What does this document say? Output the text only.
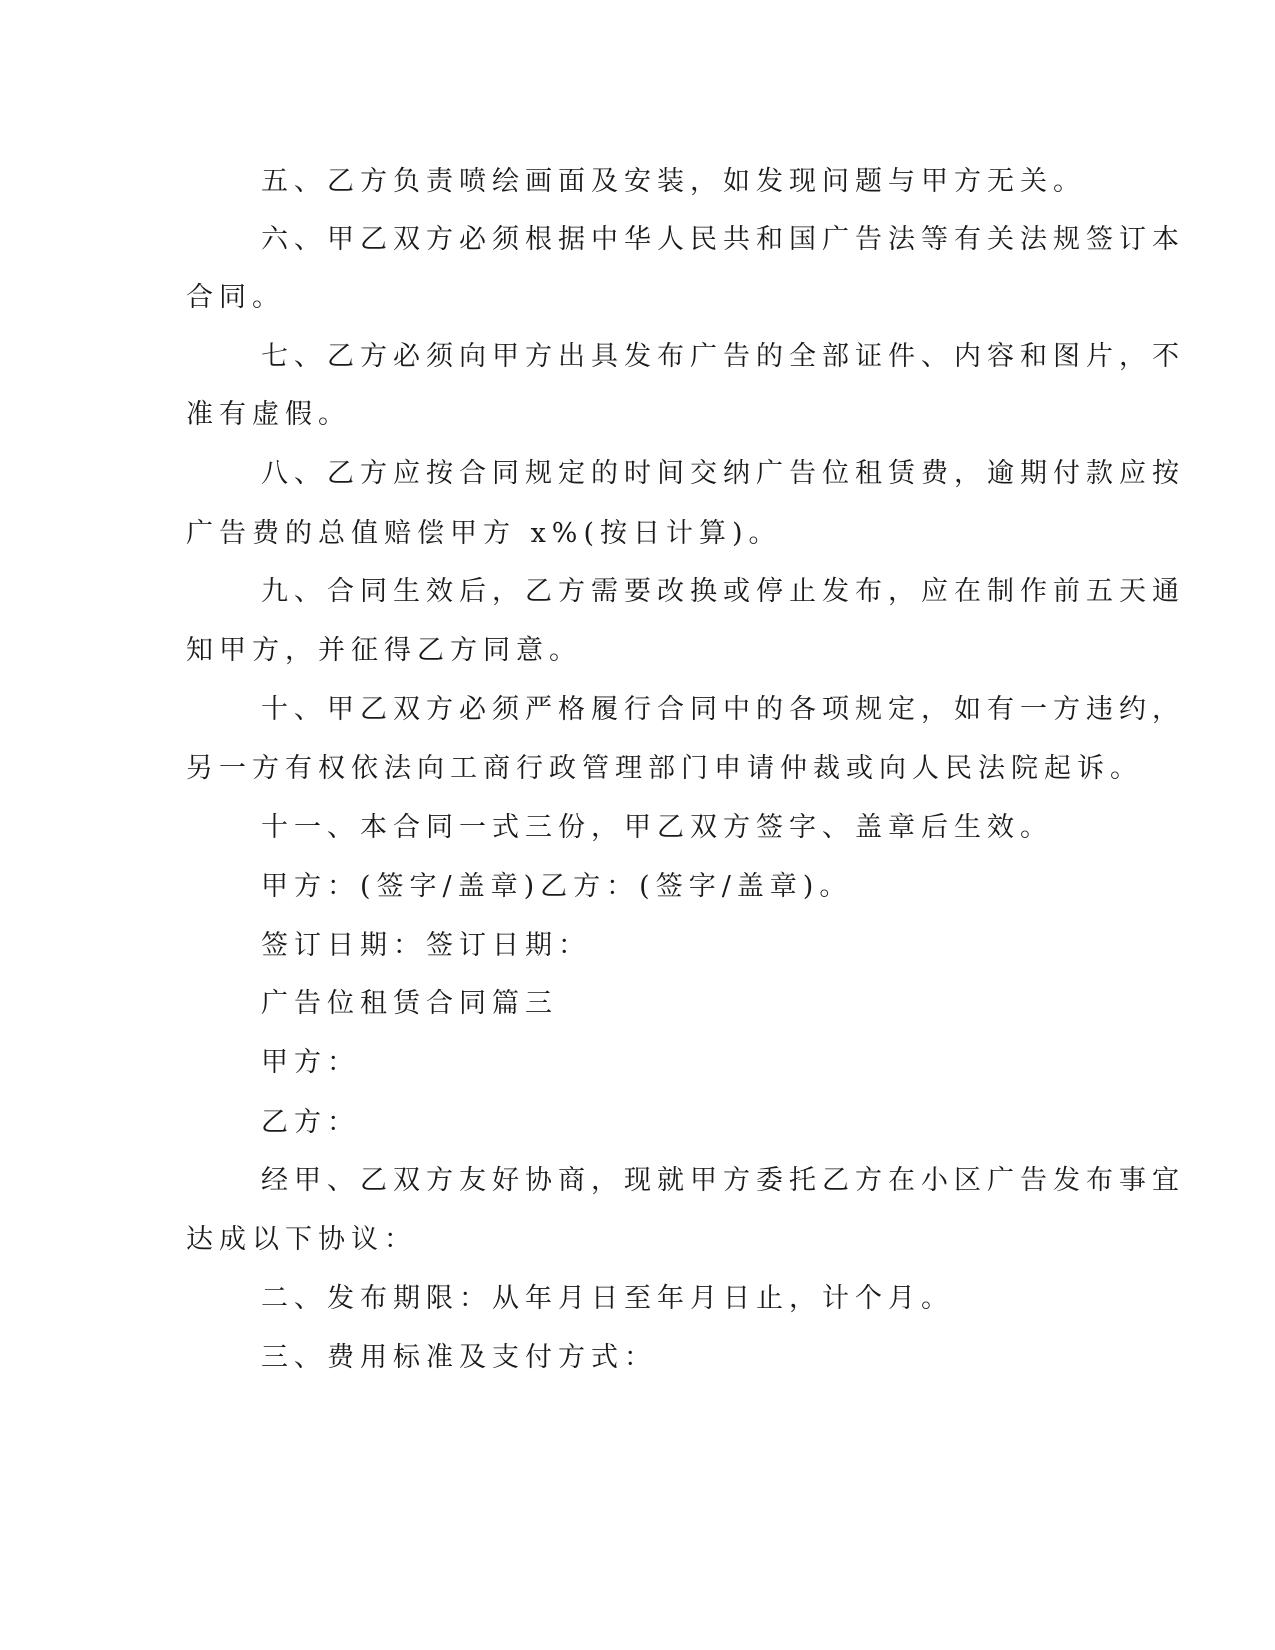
五、乙方负责喷绘画面及安装，如发现问题与甲方无关。
六、甲乙双方必须根据中华人民共和国广告法等有关法规签订本
合同。
七、乙方必须向甲方出具发布广告的全部证件、内容和图片，不
准有虚假。
八、乙方应按合同规定的时间交纳广告位租赁费，逾期付款应按
广告费的总值赔偿甲方 x%(按日计算)。
九、合同生效后，乙方需要改换或停止发布，应在制作前五天通
知甲方，并征得乙方同意。
十、甲乙双方必须严格履行合同中的各项规定，如有一方违约，
另一方有权依法向工商行政管理部门申请仲裁或向人民法院起诉。
十一、本合同一式三份，甲乙双方签字、盖章后生效。
甲方：(签字/盖章)乙方：(签字/盖章)。
签订日期：签订日期：
广告位租赁合同篇三
甲方：
乙方：
经甲、乙双方友好协商，现就甲方委托乙方在小区广告发布事宜
达成以下协议：
二、发布期限：从年月日至年月日止，计个月。
三、费用标准及支付方式：
